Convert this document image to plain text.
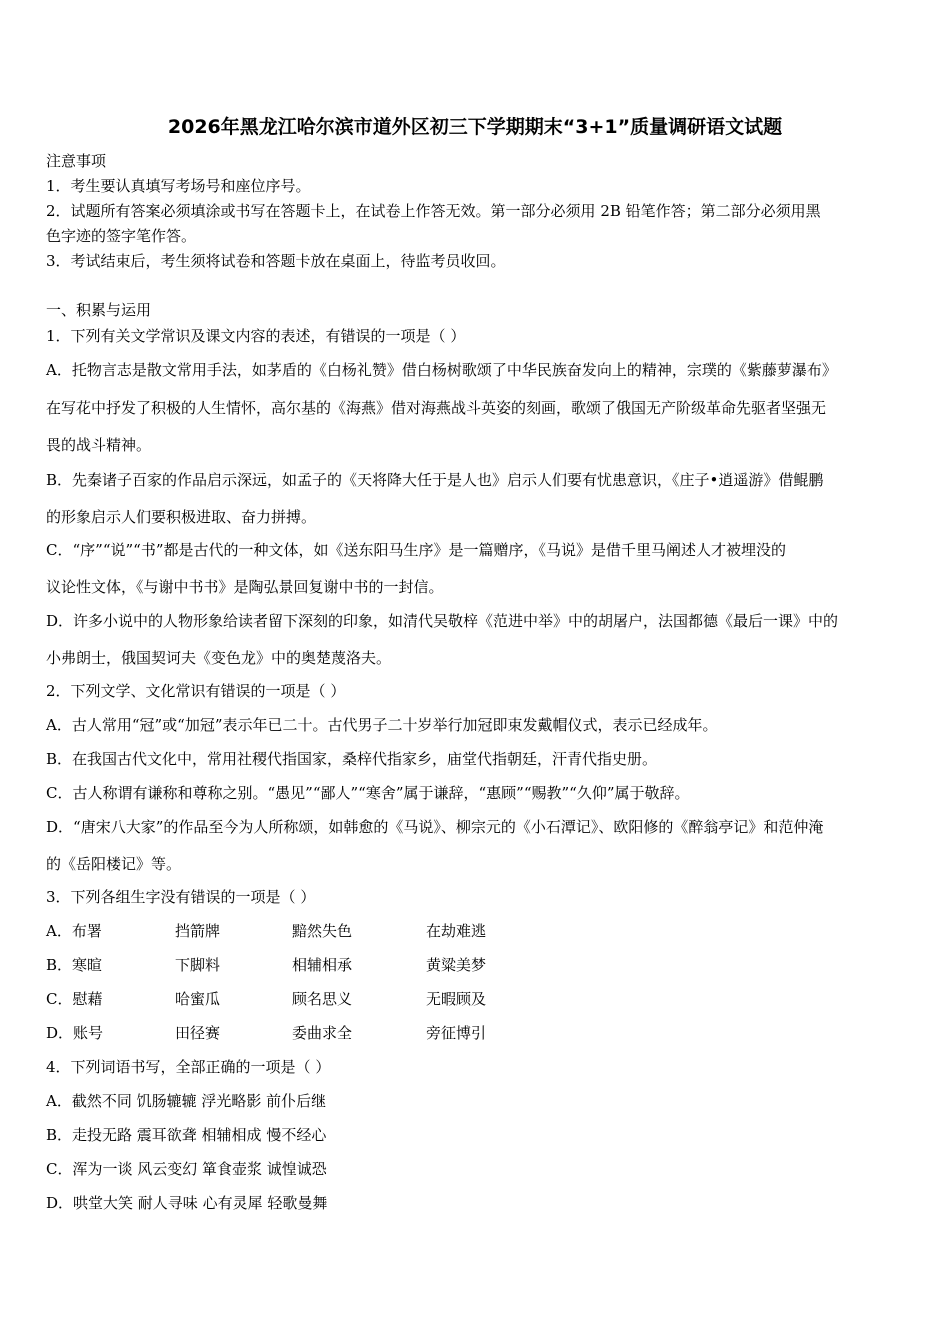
2026年黑龙江哈尔滨市道外区初三下学期期末“3+1”质量调研语文试题
注意事项
1．考生要认真填写考场号和座位序号。
2．试题所有答案必须填涂或书写在答题卡上，在试卷上作答无效。第一部分必须用 2B 铅笔作答；第二部分必须用黑
色字迹的签字笔作答。
3．考试结束后，考生须将试卷和答题卡放在桌面上，待监考员收回。
一、积累与运用
1．下列有关文学常识及课文内容的表述，有错误的一项是（ ）
A．托物言志是散文常用手法，如茅盾的《白杨礼赞》借白杨树歌颂了中华民族奋发向上的精神，宗璞的《紫藤萝瀑布》
在写花中抒发了积极的人生情怀，高尔基的《海燕》借对海燕战斗英姿的刻画，歌颂了俄国无产阶级革命先驱者坚强无
畏的战斗精神。
B．先秦诸子百家的作品启示深远，如孟子的《天将降大任于是人也》启示人们要有忧患意识，《庄子•逍遥游》借鲲鹏
的形象启示人们要积极进取、奋力拼搏。
C．“序”“说”“书”都是古代的一种文体，如《送东阳马生序》是一篇赠序，《马说》是借千里马阐述人才被埋没的
议论性文体，《与谢中书书》是陶弘景回复谢中书的一封信。
D．许多小说中的人物形象给读者留下深刻的印象，如清代吴敬梓《范进中举》中的胡屠户，法国都德《最后一课》中的
小弗朗士，俄国契诃夫《变色龙》中的奥楚蔑洛夫。
2．下列文学、文化常识有错误的一项是（ ）
A．古人常用“冠”或“加冠”表示年已二十。古代男子二十岁举行加冠即束发戴帽仪式，表示已经成年。
B．在我国古代文化中，常用社稷代指国家，桑梓代指家乡，庙堂代指朝廷，汗青代指史册。
C．古人称谓有谦称和尊称之别。“愚见”“鄙人”“寒舍”属于谦辞，“惠顾”“赐教”“久仰”属于敬辞。
D．“唐宋八大家”的作品至今为人所称颂，如韩愈的《马说》、柳宗元的《小石潭记》、欧阳修的《醉翁亭记》和范仲淹
的《岳阳楼记》等。
3．下列各组生字没有错误的一项是（ ）
A．布署	挡箭牌	黯然失色	在劫难逃
B．寒暄	下脚料	相辅相承	黄粱美梦
C．慰藉	哈蜜瓜	顾名思义	无暇顾及
D．账号	田径赛	委曲求全	旁征博引
4．下列词语书写，全部正确的一项是（ ）
A．截然不同 饥肠辘辘 浮光略影 前仆后继
B．走投无路 震耳欲聋 相辅相成 慢不经心
C．浑为一谈 风云变幻 箪食壶浆 诚惶诚恐
D．哄堂大笑 耐人寻味 心有灵犀 轻歌曼舞
